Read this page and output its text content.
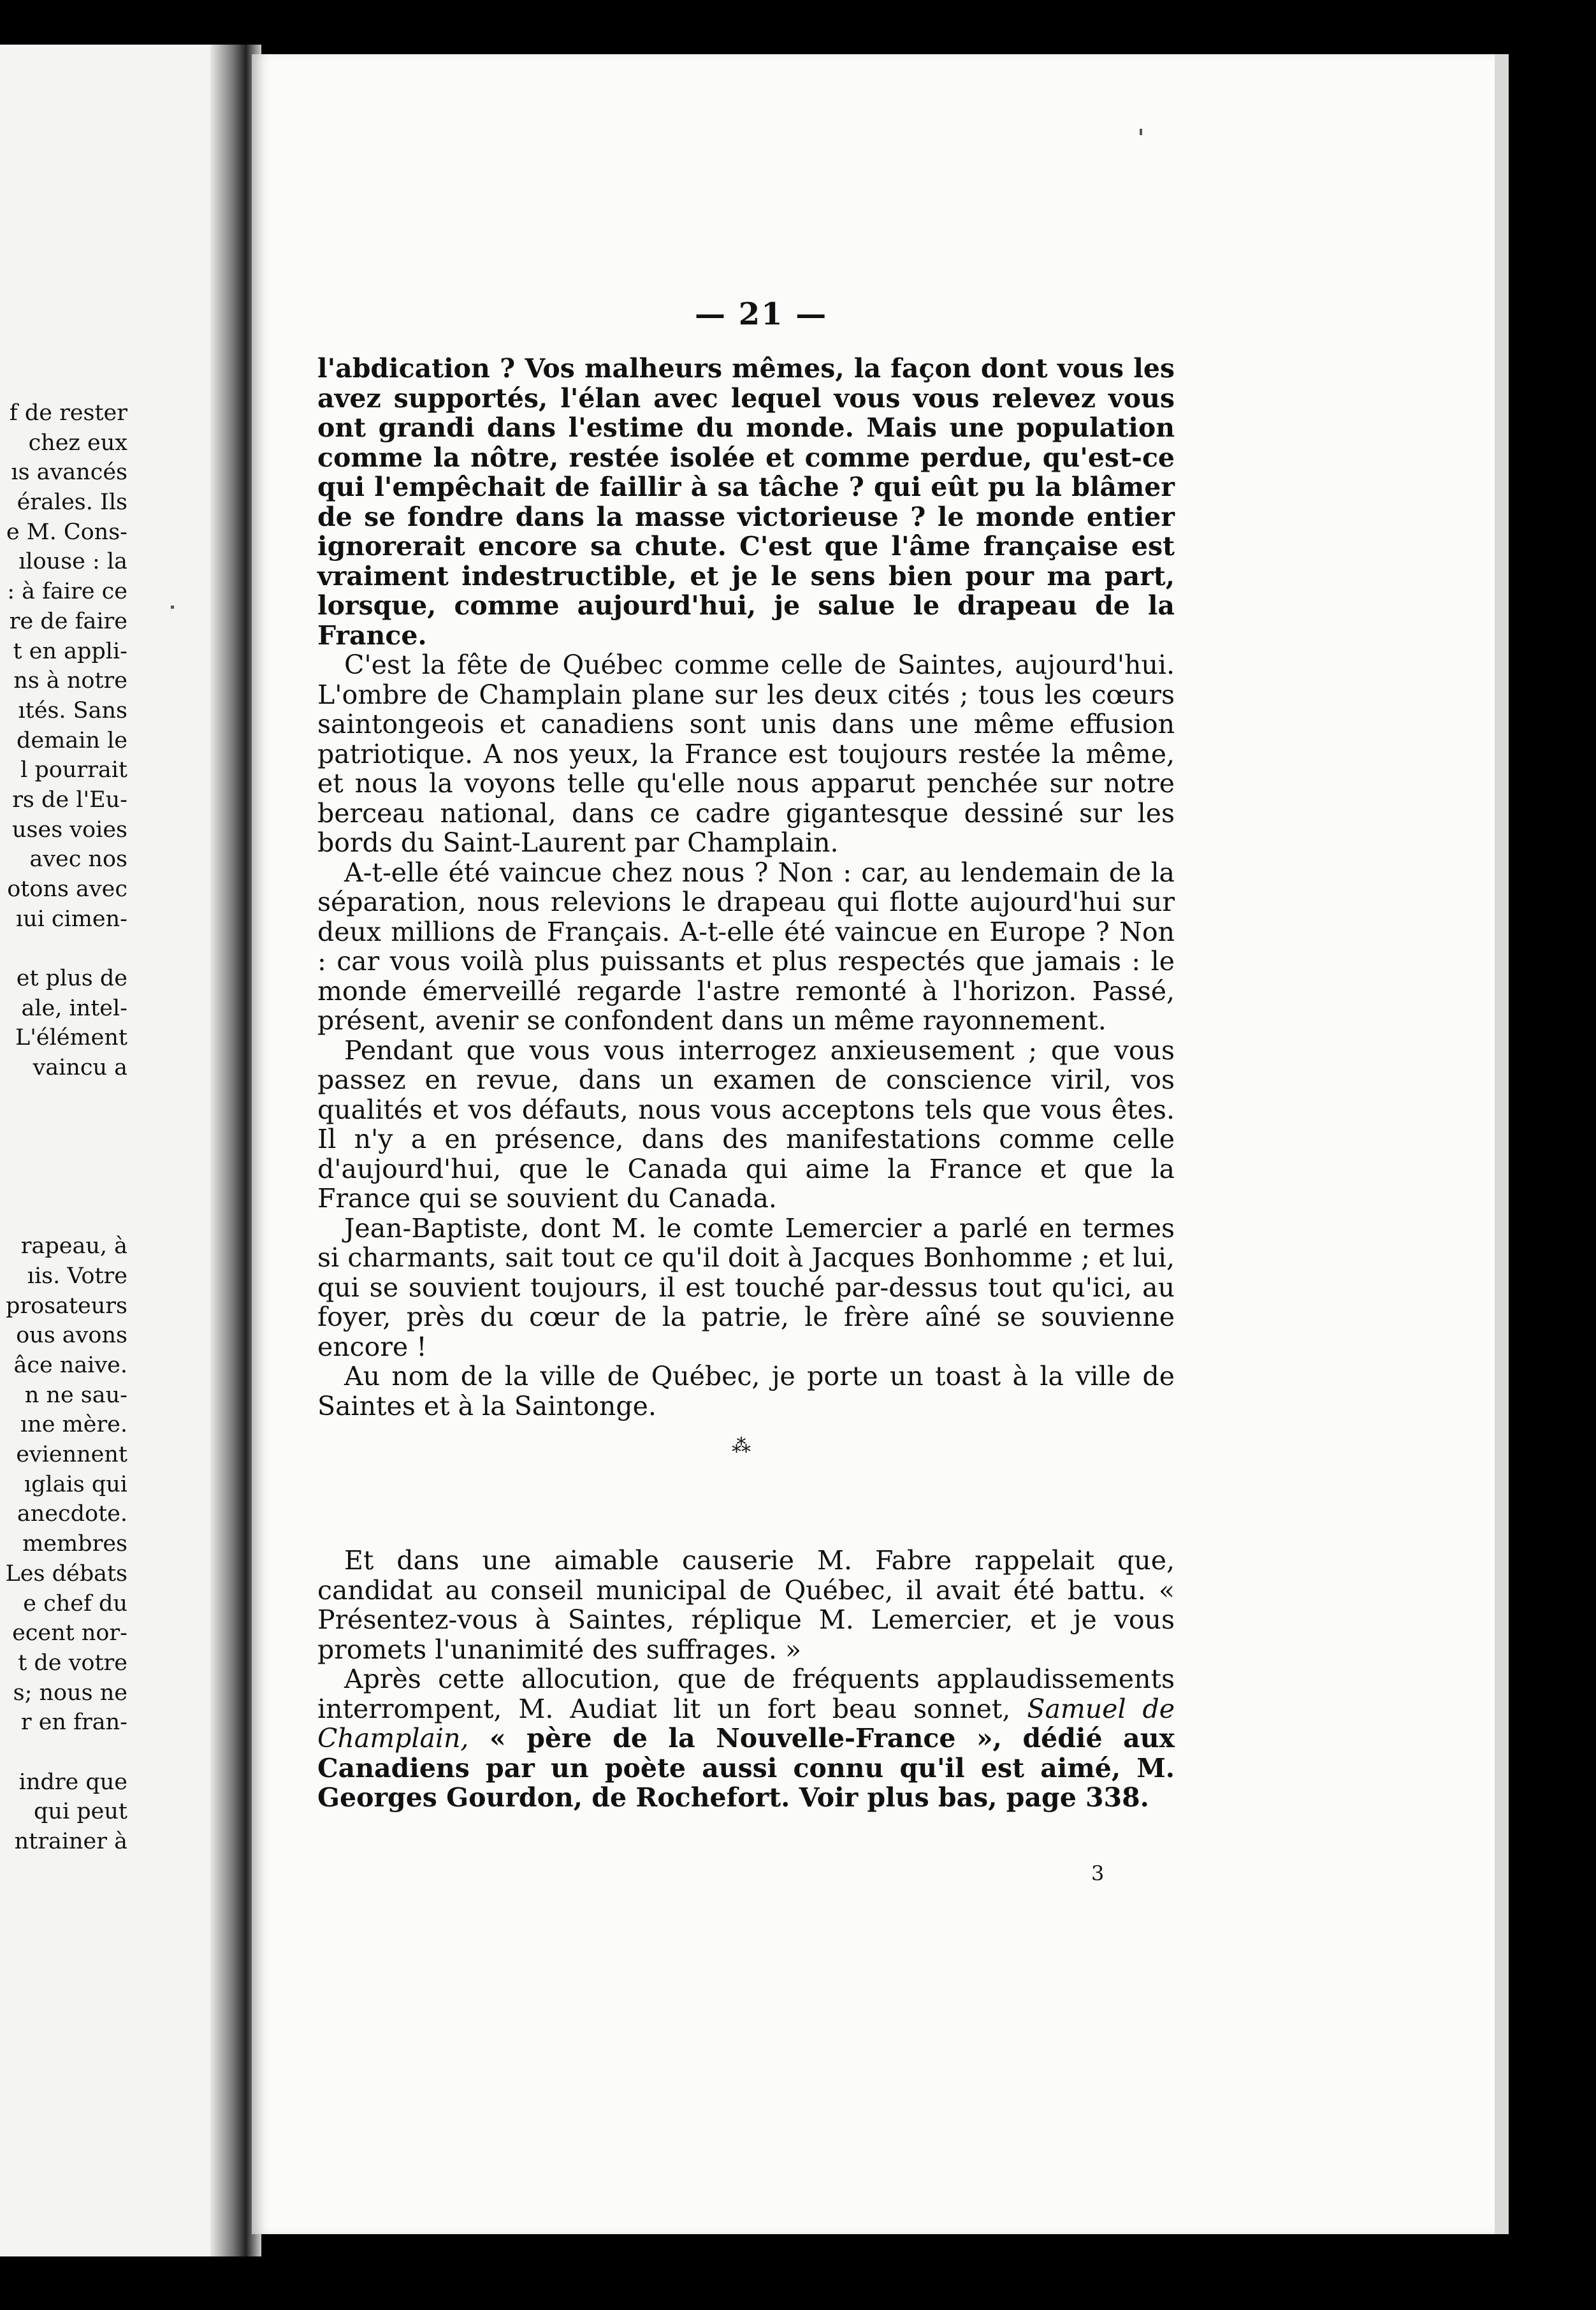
f de rester
chez eux
ıs avancés
érales. Ils
e M. Cons-
ılouse : la
: à faire ce
re de faire
t en appli-
ns à notre
ıtés. Sans
demain le
l pourrait
rs de l'Eu-
uses voies
avec nos
otons avec
ıui cimen-
et plus de
ale, intel-
L'élément
vaincu a
rapeau, à
ıis. Votre
prosateurs
ous avons
âce naive.
n ne sau-
ıne mère.
eviennent
ıglais qui
anecdote.
membres
Les débats
e chef du
ecent nor-
t de votre
s; nous ne
r en fran-
indre que
qui peut
ntrainer à
— 21 —

l'abdication ? Vos malheurs mêmes, la façon dont vous les avez supportés, l'élan avec lequel vous vous relevez vous ont grandi dans l'estime du monde. Mais une population comme la nôtre, restée isolée et comme perdue, qu'est-ce qui l'empêchait de faillir à sa tâche ? qui eût pu la blâmer de se fondre dans la masse victorieuse ? le monde entier ignorerait encore sa chute. C'est que l'âme française est vraiment indestructible, et je le sens bien pour ma part, lorsque, comme aujourd'hui, je salue le drapeau de la France.

C'est la fête de Québec comme celle de Saintes, aujourd'hui. L'ombre de Champlain plane sur les deux cités ; tous les cœurs saintongeois et canadiens sont unis dans une même effusion patriotique. A nos yeux, la France est toujours restée la même, et nous la voyons telle qu'elle nous apparut penchée sur notre berceau national, dans ce cadre gigantesque dessiné sur les bords du Saint-Laurent par Champlain.

A-t-elle été vaincue chez nous ? Non : car, au lendemain de la séparation, nous relevions le drapeau qui flotte aujourd'hui sur deux millions de Français. A-t-elle été vaincue en Europe ? Non : car vous voilà plus puissants et plus respectés que jamais : le monde émerveillé regarde l'astre remonté à l'horizon. Passé, présent, avenir se confondent dans un même rayonnement.

Pendant que vous vous interrogez anxieusement ; que vous passez en revue, dans un examen de conscience viril, vos qualités et vos défauts, nous vous acceptons tels que vous êtes. Il n'y a en présence, dans des manifestations comme celle d'aujourd'hui, que le Canada qui aime la France et que la France qui se souvient du Canada.

Jean-Baptiste, dont M. le comte Lemercier a parlé en termes si charmants, sait tout ce qu'il doit à Jacques Bonhomme ; et lui, qui se souvient toujours, il est touché par-dessus tout qu'ici, au foyer, près du cœur de la patrie, le frère aîné se souvienne encore !

Au nom de la ville de Québec, je porte un toast à la ville de Saintes et à la Saintonge.

⁂

Et dans une aimable causerie M. Fabre rappelait que, candidat au conseil municipal de Québec, il avait été battu. « Présentez-vous à Saintes, réplique M. Lemercier, et je vous promets l'unanimité des suffrages. »

Après cette allocution, que de fréquents applaudissements interrompent, M. Audiat lit un fort beau sonnet, Samuel de Champlain, « père de la Nouvelle-France », dédié aux Canadiens par un poète aussi connu qu'il est aimé, M. Georges Gourdon, de Rochefort. Voir plus bas, page 338.

3
